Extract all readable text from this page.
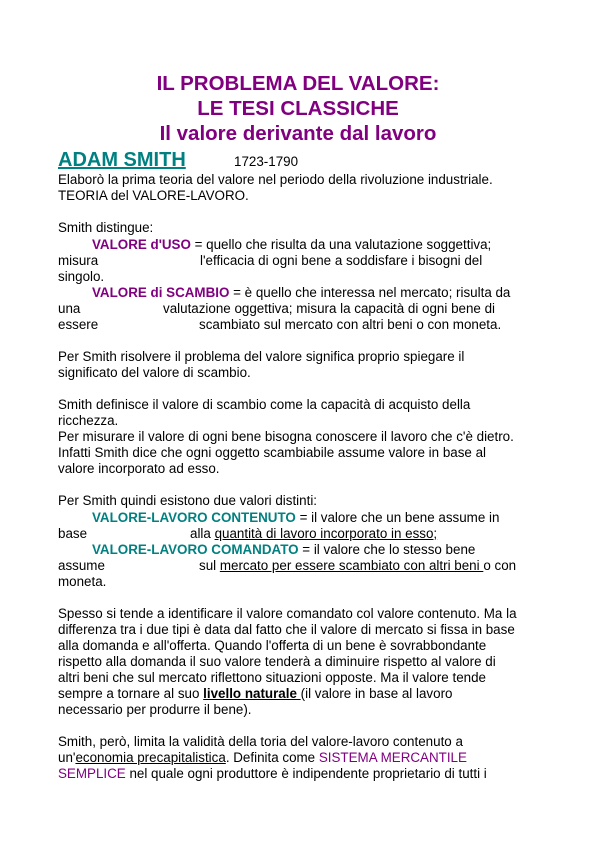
IL PROBLEMA DEL VALORE:
LE TESI CLASSICHE
Il valore derivante dal lavoro
ADAM SMITH	1723-1790
Elaborò la prima teoria del valore nel periodo della rivoluzione industriale.
TEORIA del VALORE-LAVORO.
Smith distingue:
VALORE d'USO = quello che risulta da una valutazione soggettiva;
misura	l'efficacia di ogni bene a soddisfare i bisogni del
singolo.
VALORE di SCAMBIO = è quello che interessa nel mercato; risulta da
una	valutazione oggettiva; misura la capacità di ogni bene di
essere	scambiato sul mercato con altri beni o con moneta.
Per Smith risolvere il problema del valore significa proprio spiegare il
significato del valore di scambio.
Smith definisce il valore di scambio come la capacità di acquisto della
ricchezza.
Per misurare il valore di ogni bene bisogna conoscere il lavoro che c'è dietro.
Infatti Smith dice che ogni oggetto scambiabile assume valore in base al
valore incorporato ad esso.
Per Smith quindi esistono due valori distinti:
VALORE-LAVORO CONTENUTO = il valore che un bene assume in
base	alla quantità di lavoro incorporato in esso;
VALORE-LAVORO COMANDATO = il valore che lo stesso bene
assume	sul mercato per essere scambiato con altri beni o con
moneta.
Spesso si tende a identificare il valore comandato col valore contenuto. Ma la
differenza tra i due tipi è data dal fatto che il valore di mercato si fissa in base
alla domanda e all'offerta. Quando l'offerta di un bene è sovrabbondante
rispetto alla domanda il suo valore tenderà a diminuire rispetto al valore di
altri beni che sul mercato riflettono situazioni opposte. Ma il valore tende
sempre a tornare al suo livello naturale (il valore in base al lavoro
necessario per produrre il bene).
Smith, però, limita la validità della toria del valore-lavoro contenuto a
un'economia precapitalistica. Definita come SISTEMA MERCANTILE
SEMPLICE nel quale ogni produttore è indipendente proprietario di tutti i
